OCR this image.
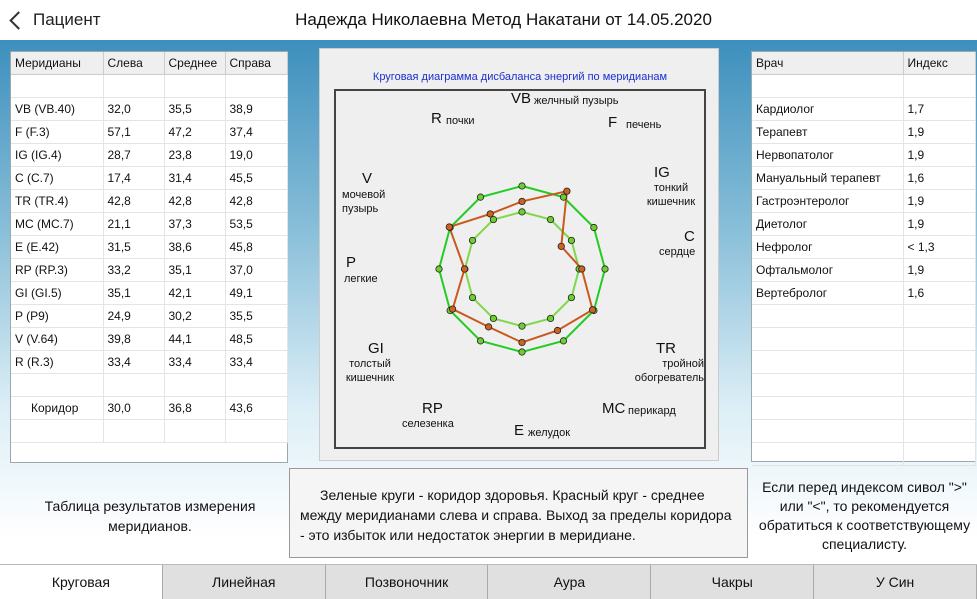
Пациент	Надежда Николаевна Метод Накатани от 14.05.2020
Меридианы	Слева	Среднее	Справа

VB (VB.40)	32,0	35,5	38,9
F (F.3)	57,1	47,2	37,4
IG (IG.4)	28,7	23,8	19,0
C (C.7)	17,4	31,4	45,5
TR (TR.4)	42,8	42,8	42,8
MC (MC.7)	21,1	37,3	53,5
E (E.42)	31,5	38,6	45,8
RP (RP.3)	33,2	35,1	37,0
GI (GI.5)	35,1	42,1	49,1
P (P9)	24,9	30,2	35,5
V (V.64)	39,8	44,1	48,5
R (R.3)	33,4	33,4	33,4

Коридор	30,0	36,8	43,6

Круговая диаграмма дисбаланса энергий по меридианам
VB желчный пузырь
F печень
IG
тонкий кишечник
C
сердце
TR
тройной обогреватель
MC перикард
E желудок
RP
селезенка
GI
толстый кишечник
P
легкие
V
мочевой пузырь
R почки
Врач	Индекс

Кардиолог	1,7
Терапевт	1,9
Нервопатолог	1,9
Мануальный терапевт	1,6
Гастроэнтеролог	1,9
Диетолог	1,9
Нефролог	< 1,3
Офтальмолог	1,9
Вертебролог	1,6

Таблица результатов измерения меридианов.
Зеленые круги - коридор здоровья. Красный круг - среднее между меридианами слева и справа. Выход за пределы коридора - это избыток или недостаток энергии в меридиане.
Если перед индексом сивол ">" или "<", то рекомендуется обратиться к соответствующему специалисту.
Круговая	Линейная	Позвоночник	Аура	Чакры	У Син
